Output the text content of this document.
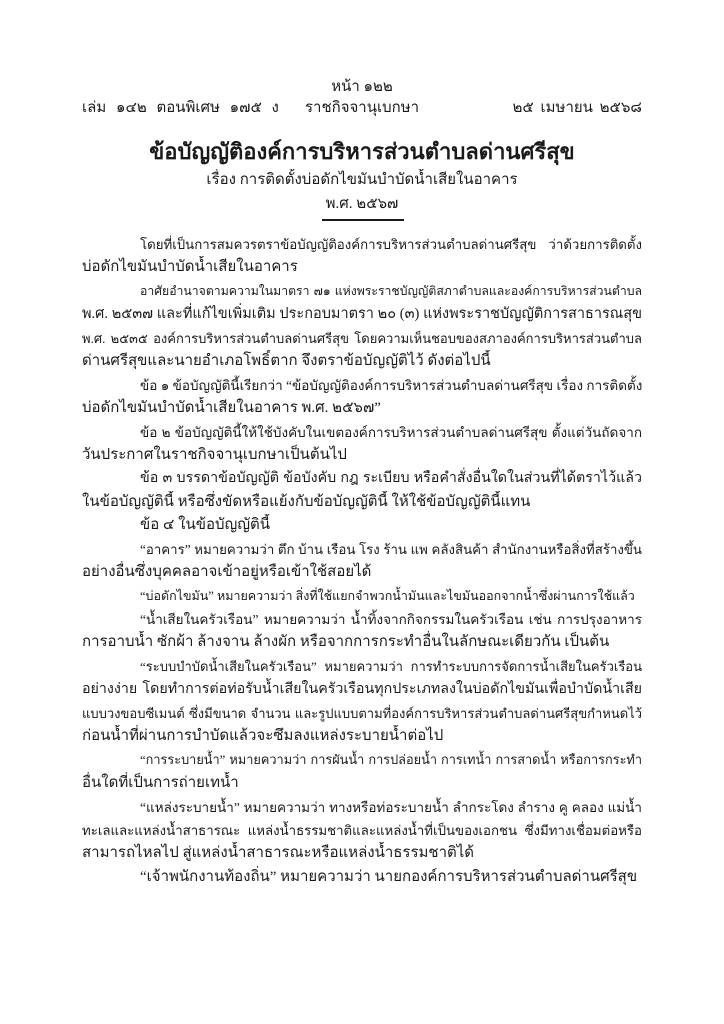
หน้า ๑๒๒
เล่ม ๑๔๒ ตอนพิเศษ ๑๗๕ ง	ราชกิจจานุเบกษา	๒๕ เมษายน ๒๕๖๘
ข้อบัญญัติองค์การบริหารส่วนตำบลด่านศรีสุข
เรื่อง การติดตั้งบ่อดักไขมันบำบัดน้ำเสียในอาคาร
พ.ศ. ๒๕๖๗
โดยที่เป็นการสมควรตราข้อบัญญัติองค์การบริหารส่วนตำบลด่านศรีสุข ว่าด้วยการติดตั้ง
บ่อดักไขมันบำบัดน้ำเสียในอาคาร
อาศัยอำนาจตามความในมาตรา ๗๑ แห่งพระราชบัญญัติสภาตำบลและองค์การบริหารส่วนตำบล
พ.ศ. ๒๕๓๗ และที่แก้ไขเพิ่มเติม ประกอบมาตรา ๒๐ (๓) แห่งพระราชบัญญัติการสาธารณสุข
พ.ศ. ๒๕๓๕ องค์การบริหารส่วนตำบลด่านศรีสุข โดยความเห็นชอบของสภาองค์การบริหารส่วนตำบล
ด่านศรีสุขและนายอำเภอโพธิ์ตาก จึงตราข้อบัญญัติไว้ ดังต่อไปนี้
ข้อ ๑ ข้อบัญญัตินี้เรียกว่า “ข้อบัญญัติองค์การบริหารส่วนตำบลด่านศรีสุข เรื่อง การติดตั้ง
บ่อดักไขมันบำบัดน้ำเสียในอาคาร พ.ศ. ๒๕๖๗”
ข้อ ๒ ข้อบัญญัตินี้ให้ใช้บังคับในเขตองค์การบริหารส่วนตำบลด่านศรีสุข ตั้งแต่วันถัดจาก
วันประกาศในราชกิจจานุเบกษาเป็นต้นไป
ข้อ ๓ บรรดาข้อบัญญัติ ข้อบังคับ กฎ ระเบียบ หรือคำสั่งอื่นใดในส่วนที่ได้ตราไว้แล้ว
ในข้อบัญญัตินี้ หรือซึ่งขัดหรือแย้งกับข้อบัญญัตินี้ ให้ใช้ข้อบัญญัตินี้แทน
ข้อ ๔ ในข้อบัญญัตินี้
“อาคาร” หมายความว่า ตึก บ้าน เรือน โรง ร้าน แพ คลังสินค้า สำนักงานหรือสิ่งที่สร้างขึ้น
อย่างอื่นซึ่งบุคคลอาจเข้าอยู่หรือเข้าใช้สอยได้
“บ่อดักไขมัน” หมายความว่า สิ่งที่ใช้แยกจำพวกน้ำมันและไขมันออกจากน้ำซึ่งผ่านการใช้แล้ว
“น้ำเสียในครัวเรือน” หมายความว่า น้ำทิ้งจากกิจกรรมในครัวเรือน เช่น การปรุงอาหาร
การอาบน้ำ ซักผ้า ล้างจาน ล้างผัก หรือจากการกระทำอื่นในลักษณะเดียวกัน เป็นต้น
“ระบบบำบัดน้ำเสียในครัวเรือน” หมายความว่า การทำระบบการจัดการน้ำเสียในครัวเรือน
อย่างง่าย โดยทำการต่อท่อรับน้ำเสียในครัวเรือนทุกประเภทลงในบ่อดักไขมันเพื่อบำบัดน้ำเสีย
แบบวงขอบซีเมนต์ ซึ่งมีขนาด จำนวน และรูปแบบตามที่องค์การบริหารส่วนตำบลด่านศรีสุขกำหนดไว้
ก่อนน้ำที่ผ่านการบำบัดแล้วจะซึมลงแหล่งระบายน้ำต่อไป
“การระบายน้ำ” หมายความว่า การผันน้ำ การปล่อยน้ำ การเทน้ำ การสาดน้ำ หรือการกระทำ
อื่นใดที่เป็นการถ่ายเทน้ำ
“แหล่งระบายน้ำ” หมายความว่า ทางหรือท่อระบายน้ำ ลำกระโดง ลำราง คู คลอง แม่น้ำ
ทะเลและแหล่งน้ำสาธารณะ แหล่งน้ำธรรมชาติและแหล่งน้ำที่เป็นของเอกชน ซึ่งมีทางเชื่อมต่อหรือ
สามารถไหลไป สู่แหล่งน้ำสาธารณะหรือแหล่งน้ำธรรมชาติได้
“เจ้าพนักงานท้องถิ่น” หมายความว่า นายกองค์การบริหารส่วนตำบลด่านศรีสุข
